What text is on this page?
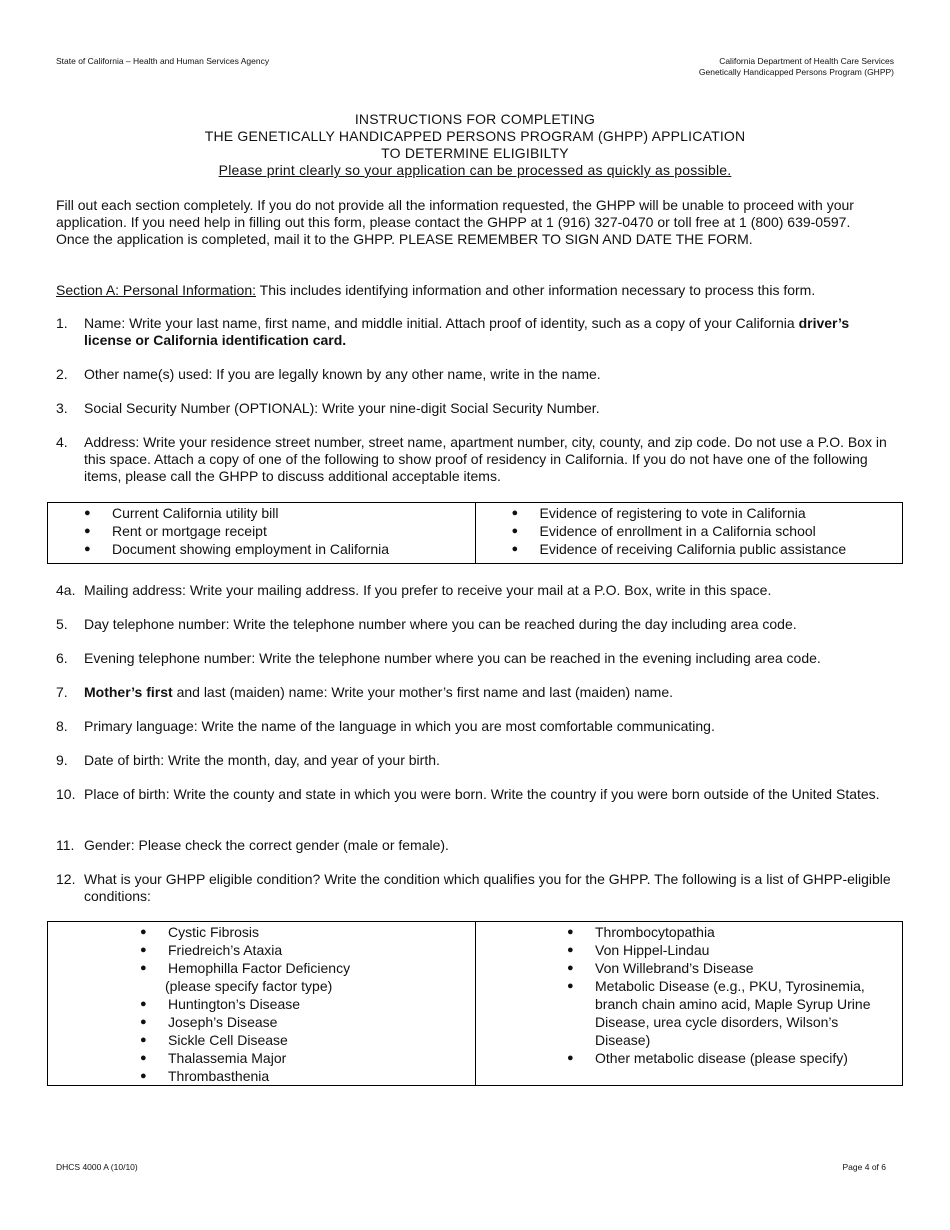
State of California – Health and Human Services Agency	California Department of Health Care Services
Genetically Handicapped Persons Program (GHPP)
INSTRUCTIONS FOR COMPLETING
THE GENETICALLY HANDICAPPED PERSONS PROGRAM (GHPP) APPLICATION
TO DETERMINE ELIGIBILTY
Please print clearly so your application can be processed as quickly as possible.
Fill out each section completely. If you do not provide all the information requested, the GHPP will be unable to proceed with your application. If you need help in filling out this form, please contact the GHPP at 1 (916) 327-0470 or toll free at 1 (800) 639-0597. Once the application is completed, mail it to the GHPP. PLEASE REMEMBER TO SIGN AND DATE THE FORM.
Section A: Personal Information: This includes identifying information and other information necessary to process this form.
1.	Name: Write your last name, first name, and middle initial. Attach proof of identity, such as a copy of your California driver’s license or California identification card.
2.	Other name(s) used: If you are legally known by any other name, write in the name.
3.	Social Security Number (OPTIONAL): Write your nine-digit Social Security Number.
4.	Address: Write your residence street number, street name, apartment number, city, county, and zip code. Do not use a P.O. Box in this space. Attach a copy of one of the following to show proof of residency in California. If you do not have one of the following items, please call the GHPP to discuss additional acceptable items.
● Current California utility bill
● Rent or mortgage receipt
● Document showing employment in California

● Evidence of registering to vote in California
● Evidence of enrollment in a California school
● Evidence of receiving California public assistance
4a. Mailing address: Write your mailing address. If you prefer to receive your mail at a P.O. Box, write in this space.
5.	Day telephone number: Write the telephone number where you can be reached during the day including area code.
6.	Evening telephone number: Write the telephone number where you can be reached in the evening including area code.
7.	Mother’s first and last (maiden) name: Write your mother’s first name and last (maiden) name.
8.	Primary language: Write the name of the language in which you are most comfortable communicating.
9.	Date of birth: Write the month, day, and year of your birth.
10. Place of birth: Write the county and state in which you were born. Write the country if you were born outside of the United States.
11. Gender: Please check the correct gender (male or female).
12. What is your GHPP eligible condition? Write the condition which qualifies you for the GHPP. The following is a list of GHPP-eligible conditions:
● Cystic Fibrosis
● Friedreich’s Ataxia
● Hemophilla Factor Deficiency
(please specify factor type)
● Huntington’s Disease
● Joseph’s Disease
● Sickle Cell Disease
● Thalassemia Major
● Thrombasthenia

● Thrombocytopathia
● Von Hippel-Lindau
● Von Willebrand’s Disease
● Metabolic Disease (e.g., PKU, Tyrosinemia, branch chain amino acid, Maple Syrup Urine Disease, urea cycle disorders, Wilson’s Disease)
● Other metabolic disease (please specify)
DHCS 4000 A (10/10)	Page 4 of 6
